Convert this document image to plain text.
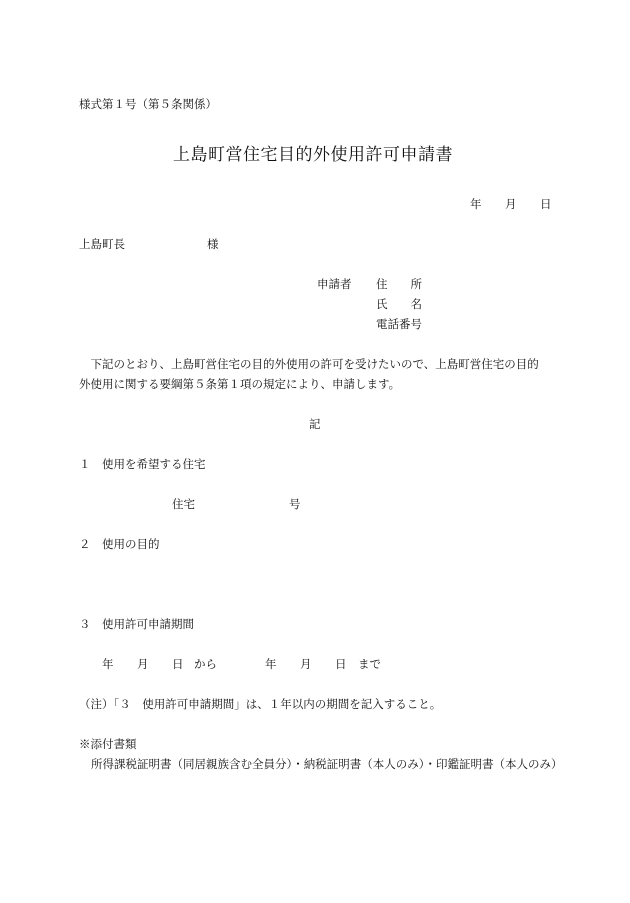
様式第１号（第５条関係）
上島町営住宅目的外使用許可申請書
年 月 日
上島町長	様
申請者 住　　所
氏　　名
電話番号
　下記のとおり、上島町営住宅の目的外使用の許可を受けたいので、上島町営住宅の目的
外使用に関する要綱第５条第１項の規定により、申請します。
記
１　使用を希望する住宅
住宅	号
２　使用の目的
３　使用許可申請期間
年 月 日 から	年 月 日 まで
（注）「３　使用許可申請期間」は、１年以内の期間を記入すること。
※添付書類
所得課税証明書（同居親族含む全員分）・納税証明書（本人のみ）・印鑑証明書（本人のみ）
